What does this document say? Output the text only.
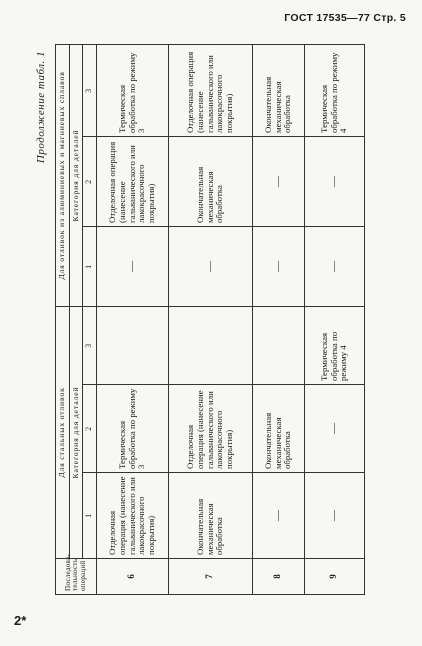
ГОСТ 17535—77 Стр. 5
Продолжение табл. 1
Последова-тельность операций	Для стальных отливок			Для отливок из алюминиевых и магниевых сплавов		
	Категория для деталей			Категория для деталей		
	1	2	3	1	2	3
6	Отделочная операция (нанесение гальванического или лакокрасочного покрытия)	Термическая обработка по режиму 3		—	Отделочная операция (нанесение гальванического или лакокрасочного покрытия)	Термическая обработка по режиму 3
7	Окончательная механическая обработка	Отделочная операция (нанесение гальванического или лакокрасочного покрытия)		—	Окончательная механическая обработка	Отделочная операция (нанесение гальванического или лакокрасочного покрытия)
8	—	Окончательная механическая обработка		—	—	Окончательная механическая обработка
9	—	—	Термическая обработка по режиму 4	—	—	Термическая обработка по режиму 4
2*
